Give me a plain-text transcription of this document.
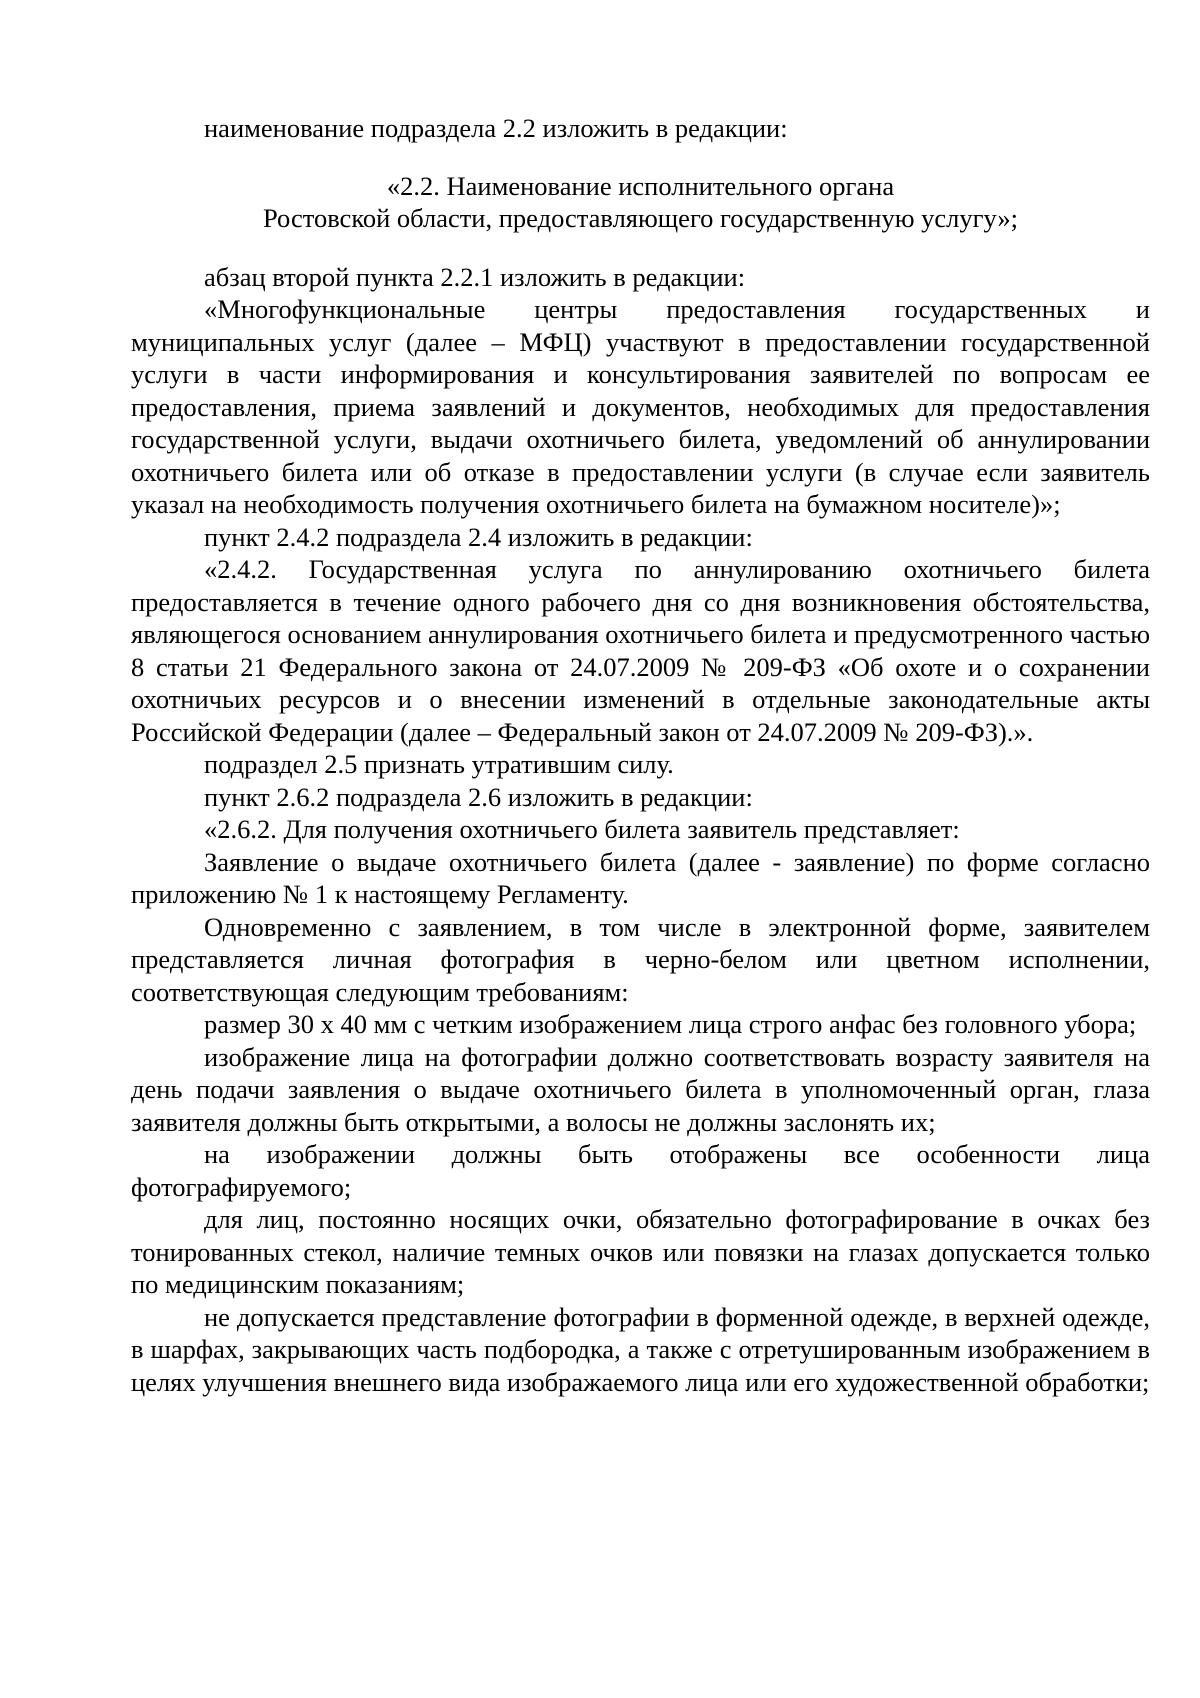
наименование подраздела 2.2 изложить в редакции:

«2.2. Наименование исполнительного органа
Ростовской области, предоставляющего государственную услугу»;

абзац второй пункта 2.2.1 изложить в редакции:

«Многофункциональные центры предоставления государственных и муниципальных услуг (далее – МФЦ) участвуют в предоставлении государственной услуги в части информирования и консультирования заявителей по вопросам ее предоставления, приема заявлений и документов, необходимых для предоставления государственной услуги, выдачи охотничьего билета, уведомлений об аннулировании охотничьего билета или об отказе в предоставлении услуги (в случае если заявитель указал на необходимость получения охотничьего билета на бумажном носителе)»;

пункт 2.4.2 подраздела 2.4 изложить в редакции:

«2.4.2. Государственная услуга по аннулированию охотничьего билета предоставляется в течение одного рабочего дня со дня возникновения обстоятельства, являющегося основанием аннулирования охотничьего билета и предусмотренного частью 8 статьи 21 Федерального закона от 24.07.2009 № 209-ФЗ «Об охоте и о сохранении охотничьих ресурсов и о внесении изменений в отдельные законодательные акты Российской Федерации (далее – Федеральный закон от 24.07.2009 № 209-ФЗ).».

подраздел 2.5 признать утратившим силу.

пункт 2.6.2 подраздела 2.6 изложить в редакции:

«2.6.2. Для получения охотничьего билета заявитель представляет:

Заявление о выдаче охотничьего билета (далее - заявление) по форме согласно приложению № 1 к настоящему Регламенту.

Одновременно с заявлением, в том числе в электронной форме, заявителем представляется личная фотография в черно-белом или цветном исполнении, соответствующая следующим требованиям:

размер 30 х 40 мм с четким изображением лица строго анфас без головного убора;

изображение лица на фотографии должно соответствовать возрасту заявителя на день подачи заявления о выдаче охотничьего билета в уполномоченный орган, глаза заявителя должны быть открытыми, а волосы не должны заслонять их;

на изображении должны быть отображены все особенности лица фотографируемого;

для лиц, постоянно носящих очки, обязательно фотографирование в очках без тонированных стекол, наличие темных очков или повязки на глазах допускается только по медицинским показаниям;

не допускается представление фотографии в форменной одежде, в верхней одежде, в шарфах, закрывающих часть подбородка, а также с отретушированным изображением в целях улучшения внешнего вида изображаемого лица или его художественной обработки;
